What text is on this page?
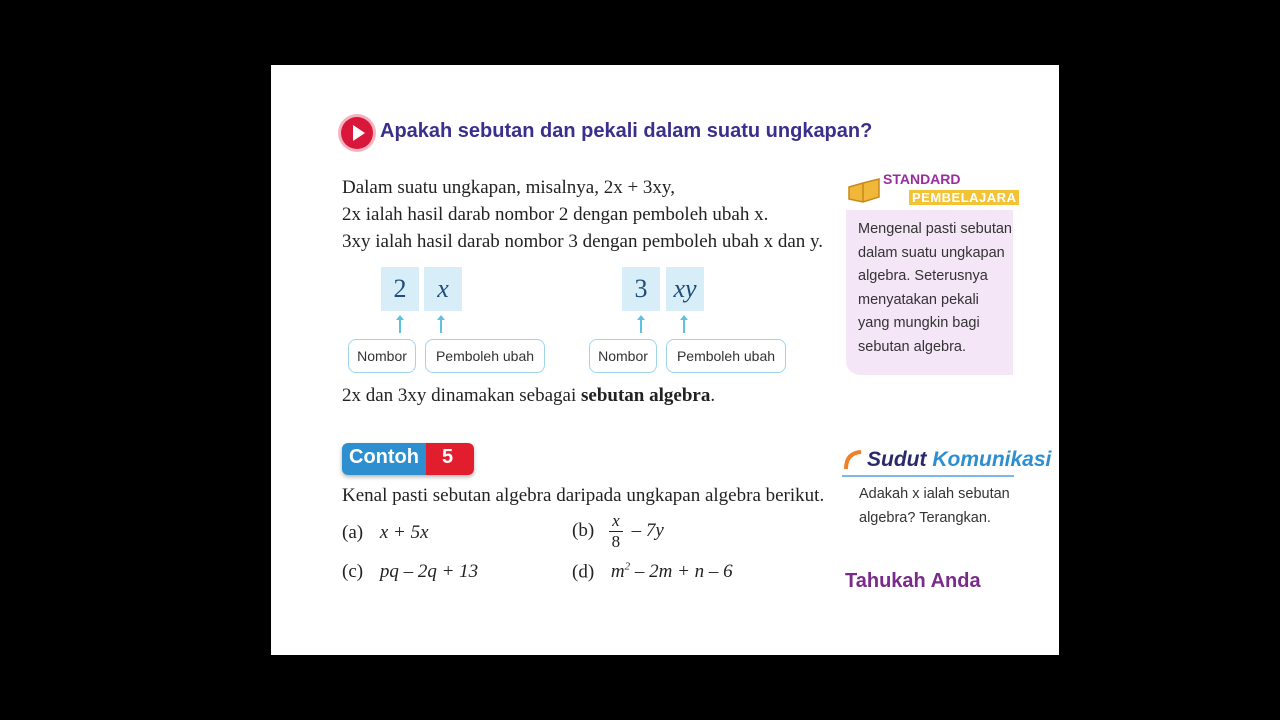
Apakah sebutan dan pekali dalam suatu ungkapan?
Dalam suatu ungkapan, misalnya, 2x + 3xy,
2x ialah hasil darab nombor 2 dengan pemboleh ubah x.
3xy ialah hasil darab nombor 3 dengan pemboleh ubah x dan y.
2	x
Nombor	Pemboleh ubah
3 xy
Nombor	Pemboleh ubah
2x dan 3xy dinamakan sebagai sebutan algebra.
Contoh 5
Kenal pasti sebutan algebra daripada ungkapan algebra berikut.
(a) x + 5x	$(b) \frac{x}{8} - 7y$
(c) pq – 2q + 13	(d) $m^2 - 2m + n - 6$
STANDARD
PEMBELAJARA
Mengenal pasti sebutan
dalam suatu ungkapan
algebra. Seterusnya
menyatakan pekali
yang mungkin bagi
sebutan algebra.
Sudut Komunikasi
Adakah x ialah sebutan
algebra? Terangkan.
Tahukah Anda
